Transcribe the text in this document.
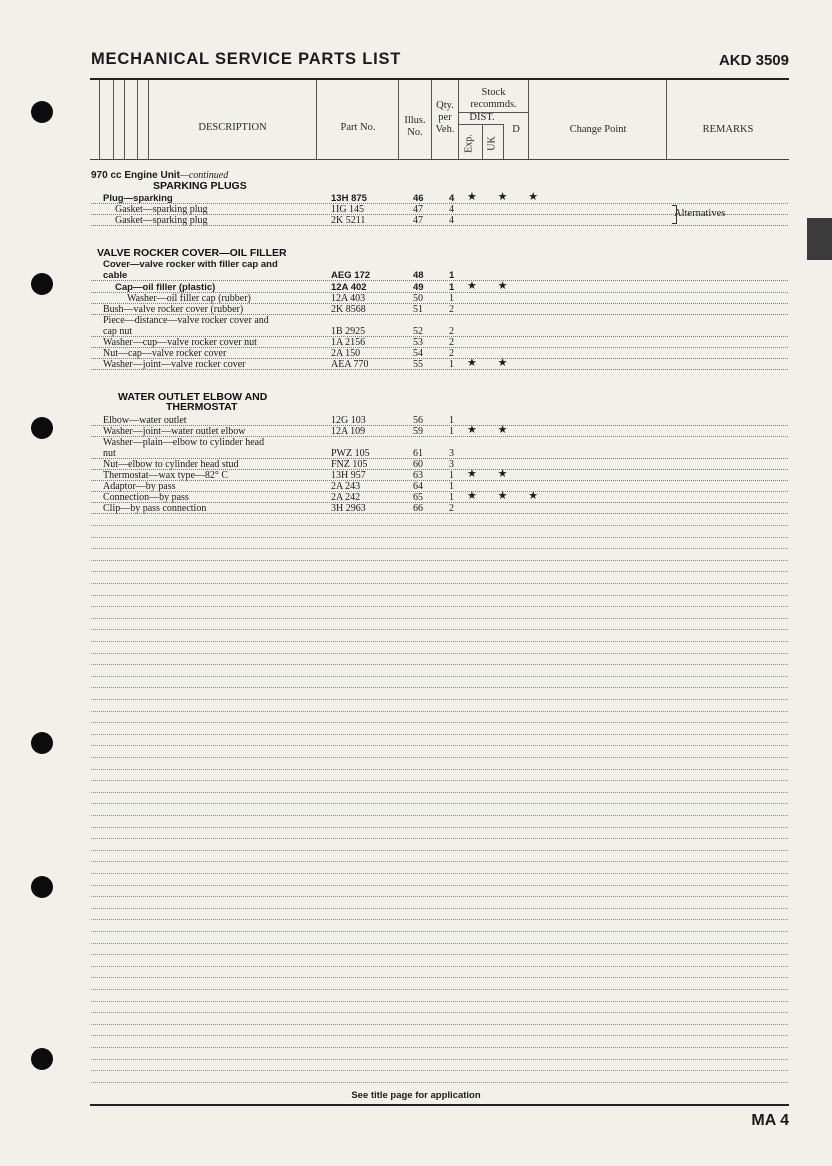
MECHANICAL SERVICE PARTS LIST	AKD 3509
DESCRIPTION	Part No.
Illus. No.
Qty. per Veh.
Stock recommds.
DIST.
Exp. UK
D	Change Point	REMARKS
970 cc Engine Unit—continued
SPARKING PLUGS
VALVE ROCKER COVER—OIL FILLER
WATER OUTLET ELBOW AND
THERMOSTAT
Plug—sparking	13H 875	46	4 ★ ★ ★
Gasket—sparking plug	1IG 145	47	4
Gasket—sparking plug	2K 5211	47	4
Alternatives
Cover—valve rocker with filler cap and
cable	AEG 172	48	1
Cap—oil filler (plastic)	12A 402	49	1 ★ ★
Washer—oil filler cap (rubber)	12A 403	50	1
Bush—valve rocker cover (rubber)	2K 8568	51	2
Piece—distance—valve rocker cover and
cap nut	1B 2925	52	2
Washer—cup—valve rocker cover nut	1A 2156	53	2
Nut—cap—valve rocker cover	2A 150	54	2
Washer—joint—valve rocker cover	AEA 770	55	1 ★ ★
Elbow—water outlet	12G 103	56	1
Washer—joint—water outlet elbow	12A 109	59	1 ★ ★
Washer—plain—elbow to cylinder head
nut	PWZ 105	61	3
Nut—elbow to cylinder head stud	FNZ 105	60	3
Thermostat—wax type—82° C	13H 957	63	1 ★ ★
Adaptor—by pass	2A 243	64	1
Connection—by pass	2A 242	65	1 ★ ★ ★
Clip—by pass connection	3H 2963	66	2
See title page for application
MA 4
